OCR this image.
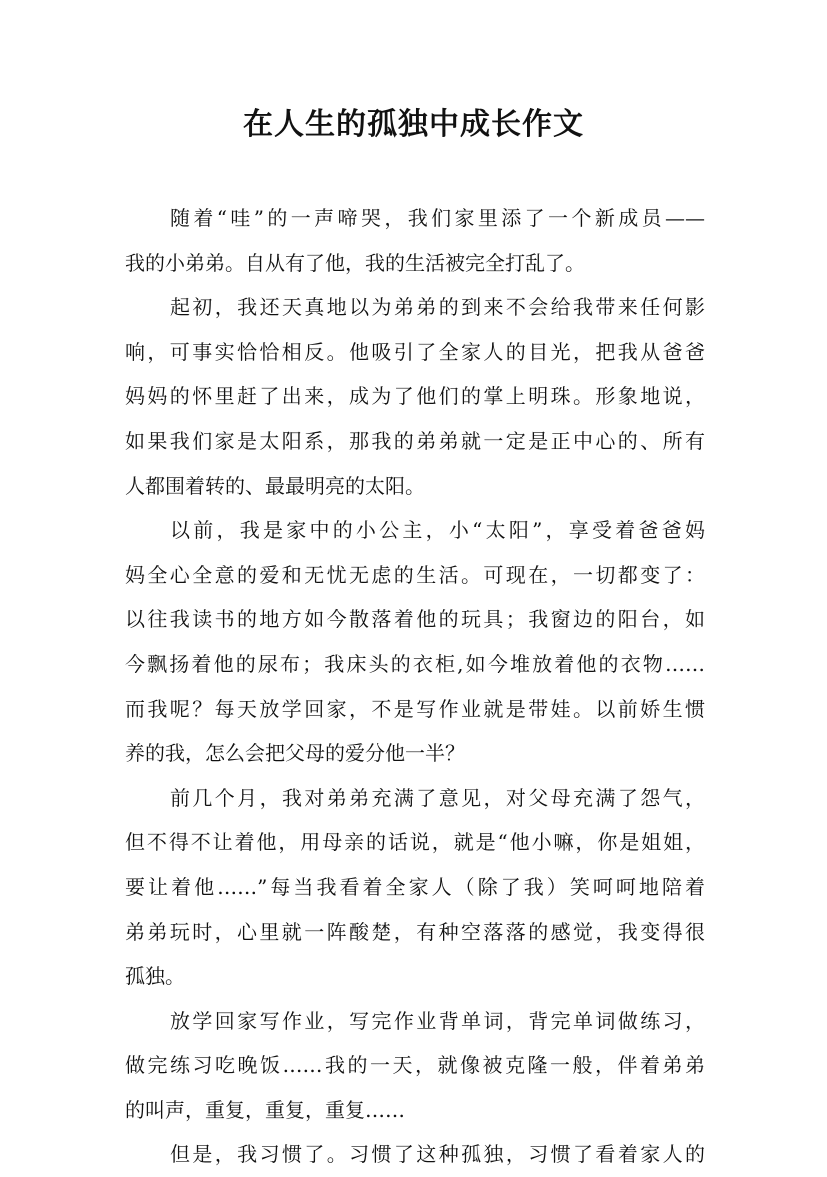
在人生的孤独中成长作文
随着“哇”的一声啼哭，我们家里添了一个新成员——
我的小弟弟。自从有了他，我的生活被完全打乱了。
起初，我还天真地以为弟弟的到来不会给我带来任何影
响，可事实恰恰相反。他吸引了全家人的目光，把我从爸爸
妈妈的怀里赶了出来，成为了他们的掌上明珠。形象地说，
如果我们家是太阳系，那我的弟弟就一定是正中心的、所有
人都围着转的、最最明亮的太阳。
以前，我是家中的小公主，小“太阳”，享受着爸爸妈
妈全心全意的爱和无忧无虑的生活。可现在，一切都变了：
以往我读书的地方如今散落着他的玩具；我窗边的阳台，如
今飘扬着他的尿布；我床头的衣柜,如今堆放着他的衣物……
而我呢？每天放学回家，不是写作业就是带娃。以前娇生惯
养的我，怎么会把父母的爱分他一半？
前几个月，我对弟弟充满了意见，对父母充满了怨气，
但不得不让着他，用母亲的话说，就是“他小嘛，你是姐姐，
要让着他……”每当我看着全家人（除了我）笑呵呵地陪着
弟弟玩时，心里就一阵酸楚，有种空落落的感觉，我变得很
孤独。
放学回家写作业，写完作业背单词，背完单词做练习，
做完练习吃晚饭……我的一天，就像被克隆一般，伴着弟弟
的叫声，重复，重复，重复……
但是，我习惯了。习惯了这种孤独，习惯了看着家人的
